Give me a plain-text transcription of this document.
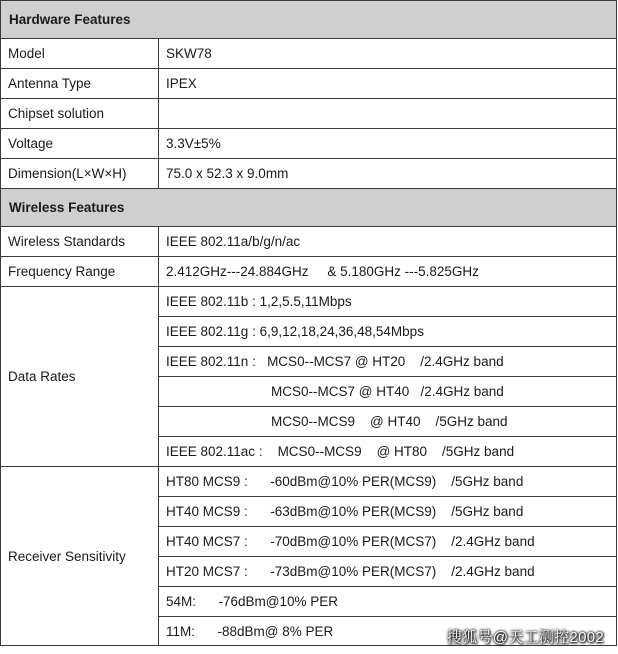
Hardware Features	
Model	SKW78
Antenna Type	IPEX
Chipset solution	
Voltage	3.3V±5%
Dimension(L×W×H)	75.0 x 52.3 x 9.0mm
Wireless Features	
Wireless Standards	IEEE 802.11a/b/g/n/ac
Frequency Range	2.412GHz---24.884GHz     & 5.180GHz ---5.825GHz
Data Rates	IEEE 802.11b : 1,2,5.5,11Mbps
	IEEE 802.11g : 6,9,12,18,24,36,48,54Mbps
	IEEE 802.11n :   MCS0--MCS7 @ HT20    /2.4GHz band
	MCS0--MCS7 @ HT40   /2.4GHz band
	MCS0--MCS9    @ HT40    /5GHz band
	IEEE 802.11ac :    MCS0--MCS9    @ HT80    /5GHz band
Receiver Sensitivity	HT80 MCS9 :      -60dBm@10% PER(MCS9)    /5GHz band
	HT40 MCS9 :      -63dBm@10% PER(MCS9)    /5GHz band
	HT40 MCS7 :      -70dBm@10% PER(MCS7)    /2.4GHz band
	HT20 MCS7 :      -73dBm@10% PER(MCS7)    /2.4GHz band
	54M:      -76dBm@10% PER
	11M:      -88dBm@ 8% PER	搜狐号@天工测控2002
